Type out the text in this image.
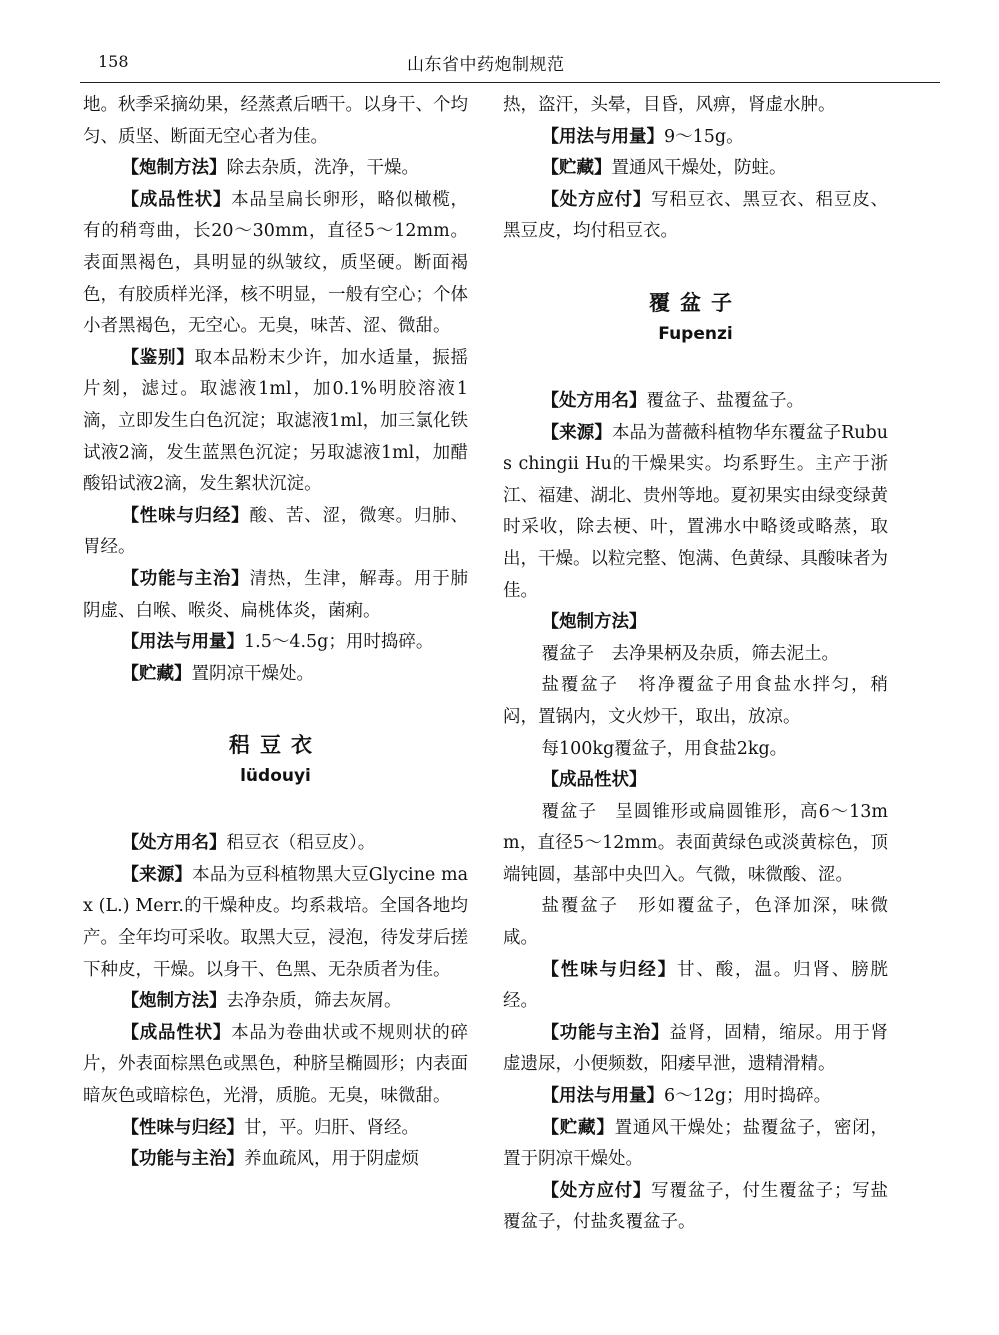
158	山东省中药炮制规范

地。秋季采摘幼果，经蒸煮后晒干。以身干、个均匀、质坚、断面无空心者为佳。

【炮制方法】除去杂质，洗净，干燥。

【成品性状】本品呈扁长卵形，略似橄榄，有的稍弯曲，长20～30mm，直径5～12mm。表面黑褐色，具明显的纵皱纹，质坚硬。断面褐色，有胶质样光泽，核不明显，一般有空心；个体小者黑褐色，无空心。无臭，味苦、涩、微甜。

【鉴别】取本品粉末少许，加水适量，振摇片刻，滤过。取滤液1ml，加0.1%明胶溶液1滴，立即发生白色沉淀；取滤液1ml，加三氯化铁试液2滴，发生蓝黑色沉淀；另取滤液1ml，加醋酸铅试液2滴，发生絮状沉淀。

【性味与归经】酸、苦、涩，微寒。归肺、胃经。

【功能与主治】清热，生津，解毒。用于肺阴虚、白喉、喉炎、扁桃体炎，菌痢。

【用法与用量】1.5～4.5g；用时捣碎。

【贮藏】置阴凉干燥处。

稆豆衣
lüdouyi

【处方用名】稆豆衣（稆豆皮）。

【来源】本品为豆科植物黑大豆Glycine max (L.) Merr.的干燥种皮。均系栽培。全国各地均产。全年均可采收。取黑大豆，浸泡，待发芽后搓下种皮，干燥。以身干、色黑、无杂质者为佳。

【炮制方法】去净杂质，筛去灰屑。

【成品性状】本品为卷曲状或不规则状的碎片，外表面棕黑色或黑色，种脐呈椭圆形；内表面暗灰色或暗棕色，光滑，质脆。无臭，味微甜。

【性味与归经】甘，平。归肝、肾经。

【功能与主治】养血疏风，用于阴虚烦

热，盗汗，头晕，目昏，风痹，肾虚水肿。

【用法与用量】9～15g。

【贮藏】置通风干燥处，防蛀。

【处方应付】写稆豆衣、黑豆衣、稆豆皮、黑豆皮，均付稆豆衣。

覆盆子
Fupenzi

【处方用名】覆盆子、盐覆盆子。

【来源】本品为蔷薇科植物华东覆盆子Rubus chingii Hu的干燥果实。均系野生。主产于浙江、福建、湖北、贵州等地。夏初果实由绿变绿黄时采收，除去梗、叶，置沸水中略烫或略蒸，取出，干燥。以粒完整、饱满、色黄绿、具酸味者为佳。

【炮制方法】

覆盆子　去净果柄及杂质，筛去泥土。

盐覆盆子　将净覆盆子用食盐水拌匀，稍闷，置锅内，文火炒干，取出，放凉。

每100kg覆盆子，用食盐2kg。

【成品性状】

覆盆子　呈圆锥形或扁圆锥形，高6～13mm，直径5～12mm。表面黄绿色或淡黄棕色，顶端钝圆，基部中央凹入。气微，味微酸、涩。

盐覆盆子　形如覆盆子，色泽加深，味微咸。

【性味与归经】甘、酸，温。归肾、膀胱经。

【功能与主治】益肾，固精，缩尿。用于肾虚遗尿，小便频数，阳痿早泄，遗精滑精。

【用法与用量】6～12g；用时捣碎。

【贮藏】置通风干燥处；盐覆盆子，密闭，置于阴凉干燥处。

【处方应付】写覆盆子，付生覆盆子；写盐覆盆子，付盐炙覆盆子。
